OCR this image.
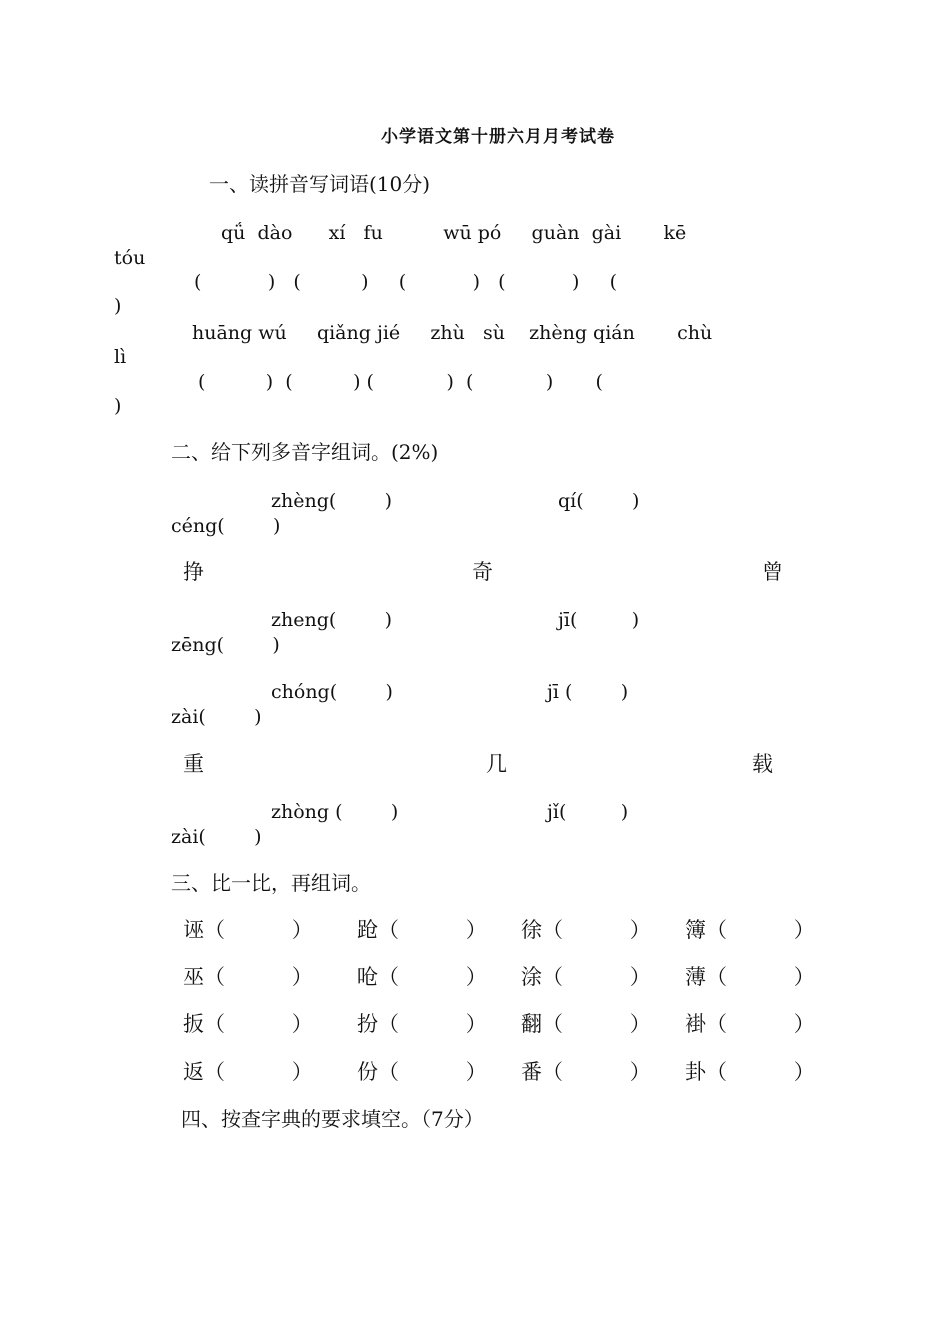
小学语文第十册六月月考试卷
一、读拼音写词语(10分)
qǘ  dào      xí   fu          wū pó     guàn  gài       kē
tóu
(           )   (          )     (           )   (           )     (
)
huāng wú     qiǎng jié     zhù   sù    zhèng qián       chù
lì
(          )  (          ) (            )  (            )       (
)
二、给下列多音字组词。(2%)
zhèng(        )	qí(        )
céng(        )
挣	奇	曾
zheng(        )	jī(         )
zēng(        )
chóng(        )	jī (        )
zài(        )
重	几	载
zhòng (        )	jǐ(         )
zài(        )
三、比一比，再组词。
诬（          ） 跄（          ） 徐（          ） 簿（          ）
巫（          ） 呛（          ） 涂（          ） 薄（          ）
扳（          ） 扮（          ） 翻（          ） 褂（          ）
返（          ） 份（          ） 番（          ） 卦（          ）
四、按查字典的要求填空。（7分）
